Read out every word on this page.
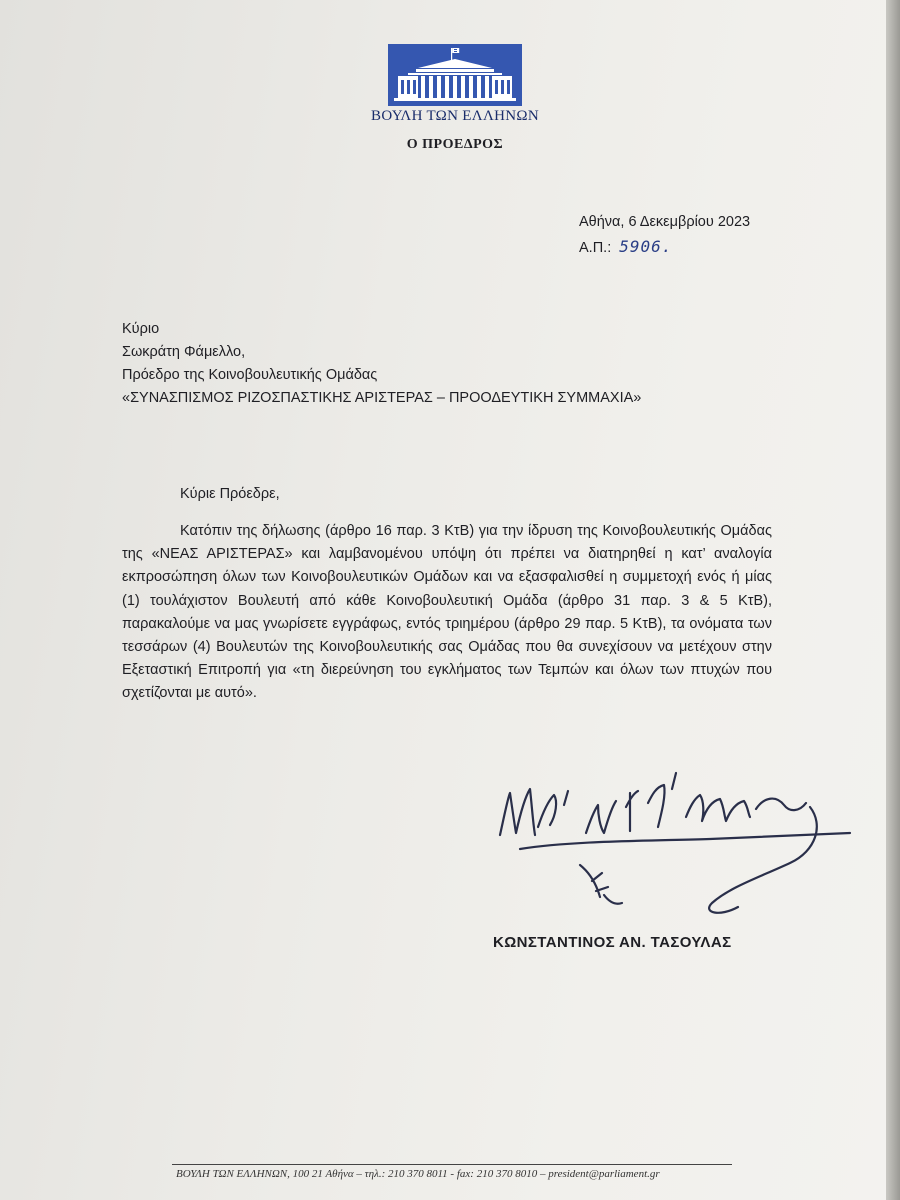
ΒΟΥΛΗ ΤΩΝ ΕΛΛΗΝΩΝ
Ο ΠΡΟΕΔΡΟΣ
Αθήνα, 6 Δεκεμβρίου 2023
Α.Π.: 5906.
Κύριο
Σωκράτη Φάμελλο,
Πρόεδρο της Κοινοβουλευτικής Ομάδας
«ΣΥΝΑΣΠΙΣΜΟΣ ΡΙΖΟΣΠΑΣΤΙΚΗΣ ΑΡΙΣΤΕΡΑΣ – ΠΡΟΟΔΕΥΤΙΚΗ ΣΥΜΜΑΧΙΑ»
Κύριε Πρόεδρε,
Κατόπιν της δήλωσης (άρθρο 16 παρ. 3 ΚτΒ) για την ίδρυση της Κοινοβουλευτικής Ομάδας της «ΝΕΑΣ ΑΡΙΣΤΕΡΑΣ» και λαμβανομένου υπόψη ότι πρέπει να διατηρηθεί η κατ’ αναλογία εκπροσώπηση όλων των Κοινοβουλευτικών Ομάδων και να εξασφαλισθεί η συμμετοχή ενός ή μίας (1) τουλάχιστον Βουλευτή από κάθε Κοινοβουλευτική Ομάδα (άρθρο 31 παρ. 3 & 5 ΚτΒ), παρακαλούμε να μας γνωρίσετε εγγράφως, εντός τριημέρου (άρθρο 29 παρ. 5 ΚτΒ), τα ονόματα των τεσσάρων (4) Βουλευτών της Κοινοβουλευτικής σας Ομάδας που θα συνεχίσουν να μετέχουν στην Εξεταστική Επιτροπή για «τη διερεύνηση του εγκλήματος των Τεμπών και όλων των πτυχών που σχετίζονται με αυτό».
Με εκτίμηση
ΚΩΝΣΤΑΝΤΙΝΟΣ ΑΝ. ΤΑΣΟΥΛΑΣ
ΒΟΥΛΗ ΤΩΝ ΕΛΛΗΝΩΝ, 100 21 Αθήνα – τηλ.: 210 370 8011 - fax: 210 370 8010 – president@parliament.gr
